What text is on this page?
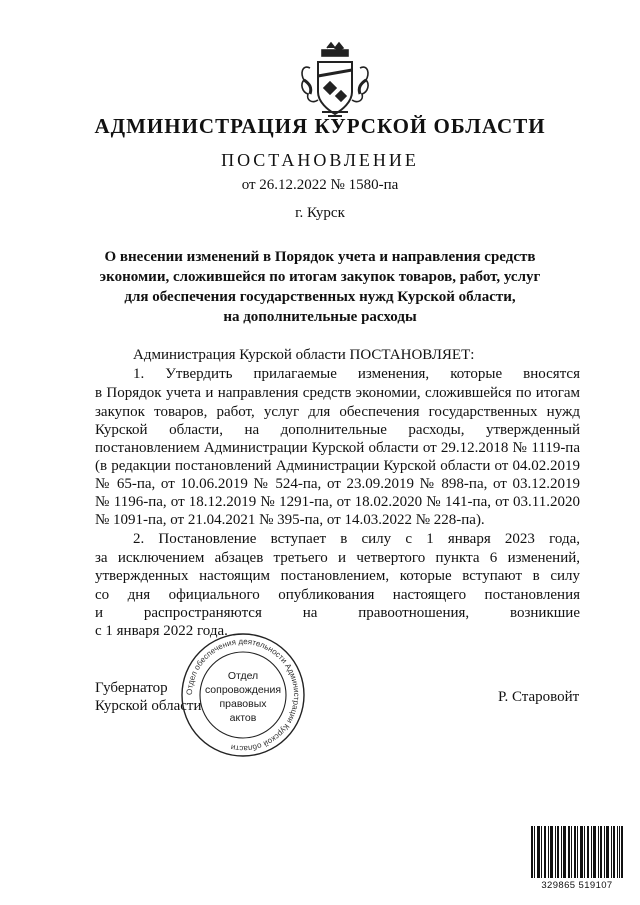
АДМИНИСТРАЦИЯ КУРСКОЙ ОБЛАСТИ
ПОСТАНОВЛЕНИЕ
от 26.12.2022 № 1580-па
г. Курск
О внесении изменений в Порядок учета и направления средств
экономии, сложившейся по итогам закупок товаров, работ, услуг
для обеспечения государственных нужд Курской области,
на дополнительные расходы
Администрация Курской области ПОСТАНОВЛЯЕТ:
1. Утвердить прилагаемые изменения, которые вносятся
в Порядок учета и направления средств экономии, сложившейся по итогам
закупок товаров, работ, услуг для обеспечения государственных нужд
Курской области, на дополнительные расходы, утвержденный
постановлением Администрации Курской области от 29.12.2018 № 1119-па
(в редакции постановлений Администрации Курской области от 04.02.2019
№ 65-па, от 10.06.2019 № 524-па, от 23.09.2019 № 898-па, от 03.12.2019
№ 1196-па, от 18.12.2019 № 1291-па, от 18.02.2020 № 141-па, от 03.11.2020
№ 1091-па, от 21.04.2021 № 395-па, от 14.03.2022 № 228-па).
2. Постановление вступает в силу с 1 января 2023 года,
за исключением абзацев третьего и четвертого пункта 6 изменений,
утвержденных настоящим постановлением, которые вступают в силу
со дня официального опубликования настоящего постановления
и распространяются на правоотношения, возникшие
с 1 января 2022 года.
Губернатор
Курской области
Р. Старовойт
Отдел обеспечения деятельности Администрации Курской области
Отдел
сопровождения
правовых
актов
329865 519107
